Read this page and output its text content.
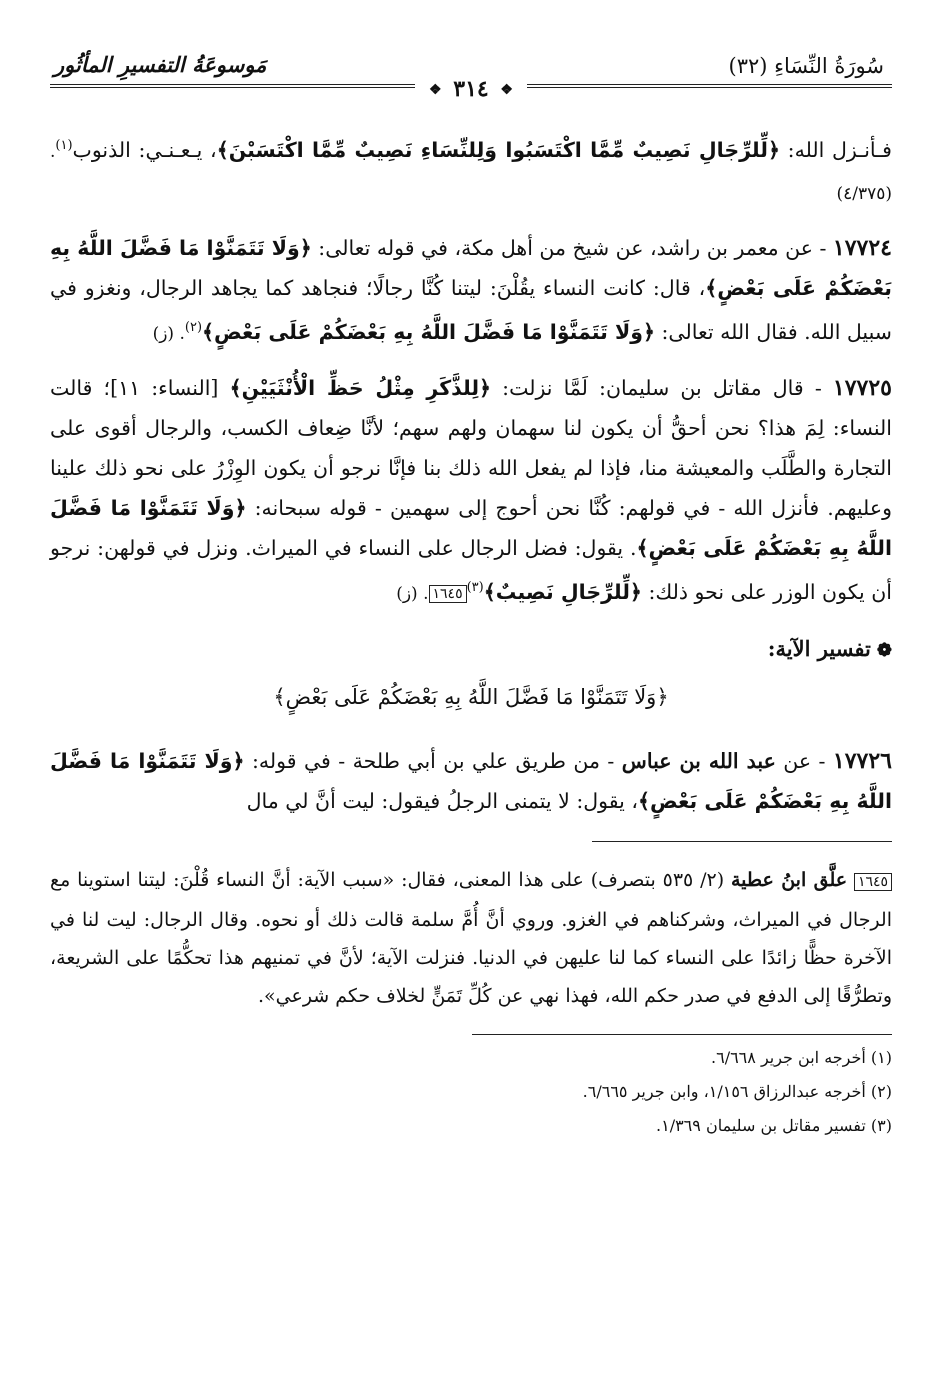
سُورَةُ النِّسَاءِ (٣٢)
مَوسوعَةُ التفسيرِ المأثُور
❖ ٣١٤ ❖

فـأنـزل الله: ﴿لِّلرِّجَالِ نَصِيبٌ مِّمَّا اكْتَسَبُوا وَلِلنِّسَاءِ نَصِيبٌ مِّمَّا اكْتَسَبْنَ﴾، يـعـنـي: الذنوب$^{(١)}$. (٤/٣٧٥)

١٧٧٢٤ - عن معمر بن راشد، عن شيخ من أهل مكة، في قوله تعالى: ﴿وَلَا تَتَمَنَّوْا مَا فَضَّلَ اللَّهُ بِهِ بَعْضَكُمْ عَلَى بَعْضٍ﴾، قال: كانت النساء يقُلْنَ: ليتنا كُنَّا رجالًا؛ فنجاهد كما يجاهد الرجال، ونغزو في سبيل الله. فقال الله تعالى: ﴿وَلَا تَتَمَنَّوْا مَا فَضَّلَ اللَّهُ بِهِ بَعْضَكُمْ عَلَى بَعْضٍ﴾$^{(٢)}$. (ز)

١٧٧٢٥ - قال مقاتل بن سليمان: لَمَّا نزلت: ﴿لِلذَّكَرِ مِثْلُ حَظِّ الْأُنْثَيَيْنِ﴾ [النساء: ١١]؛ قالت النساء: لِمَ هذا؟ نحن أحقُّ أن يكون لنا سهمان ولهم سهم؛ لأنَّا ضِعاف الكسب، والرجال أقوى على التجارة والطَّلَب والمعيشة منا، فإذا لم يفعل الله ذلك بنا فإنَّا نرجو أن يكون الوِزْرُ على نحو ذلك علينا وعليهم. فأنزل الله - في قولهم: كُنَّا نحن أحوج إلى سهمين - قوله سبحانه: ﴿وَلَا تَتَمَنَّوْا مَا فَضَّلَ اللَّهُ بِهِ بَعْضَكُمْ عَلَى بَعْضٍ﴾. يقول: فضل الرجال على النساء في الميراث. ونزل في قولهن: نرجو أن يكون الوزر على نحو ذلك: ﴿لِّلرِّجَالِ نَصِيبٌ﴾$^{(٣)}$١٦٤٥. (ز)

❁تفسير الآية:
﴿وَلَا تَتَمَنَّوْا مَا فَضَّلَ اللَّهُ بِهِ بَعْضَكُمْ عَلَى بَعْضٍ﴾

١٧٧٢٦ - عن عبد الله بن عباس - من طريق علي بن أبي طلحة - في قوله: ﴿وَلَا تَتَمَنَّوْا مَا فَضَّلَ اللَّهُ بِهِ بَعْضَكُمْ عَلَى بَعْضٍ﴾، يقول: لا يتمنى الرجلُ فيقول: ليت أنَّ لي مال

١٦٤٥ علَّق ابنُ عطية (٢/ ٥٣٥ بتصرف) على هذا المعنى، فقال: «سبب الآية: أنَّ النساء قُلْنَ: ليتنا استوينا مع الرجال في الميراث، وشركناهم في الغزو. وروي أنَّ أُمَّ سلمة قالت ذلك أو نحوه. وقال الرجال: ليت لنا في الآخرة حظًّا زائدًا على النساء كما لنا عليهن في الدنيا. فنزلت الآية؛ لأنَّ في تمنيهم هذا تحكُّمًا على الشريعة، وتطرُّقًا إلى الدفع في صدر حكم الله، فهذا نهي عن كُلِّ تَمَنٍّ لخلاف حكم شرعي».

(١) أخرجه ابن جرير ٦/٦٦٨.
(٢) أخرجه عبدالرزاق ١/١٥٦، وابن جرير ٦/٦٦٥.
(٣) تفسير مقاتل بن سليمان ١/٣٦٩.
